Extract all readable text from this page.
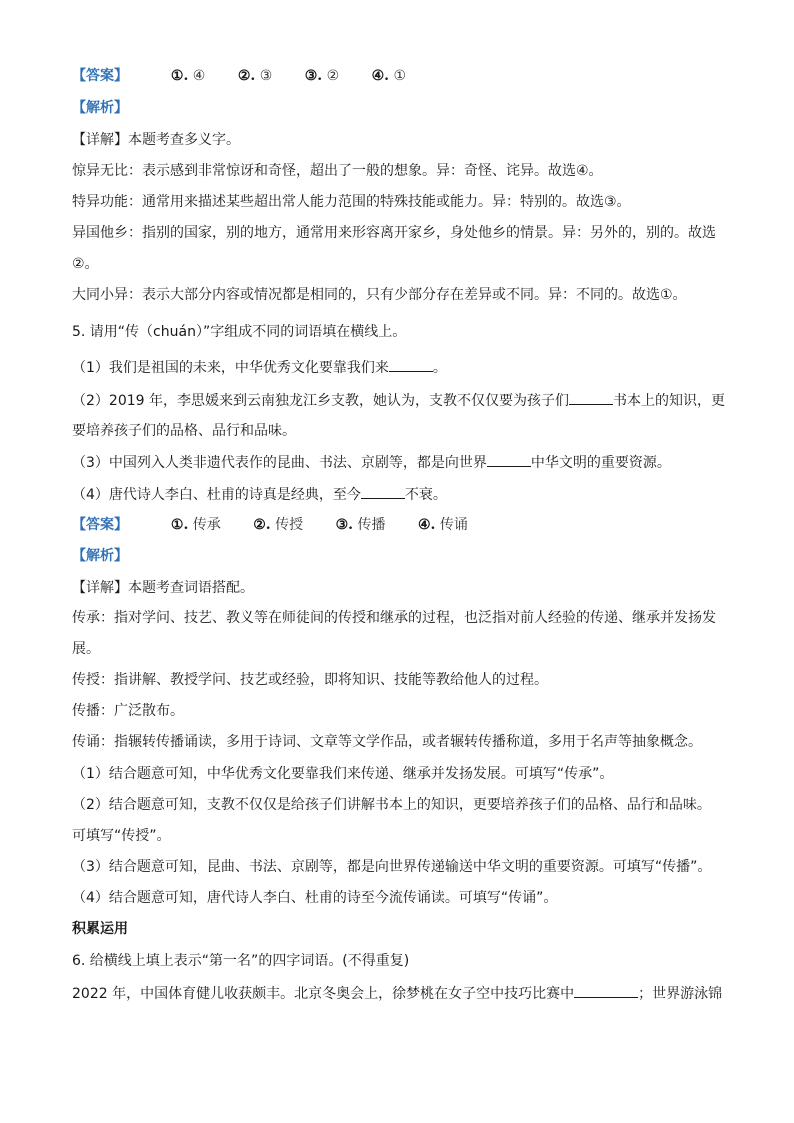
【答案】	①. ④ ②. ③ ③. ② ④. ①
【解析】
【详解】本题考查多义字。
惊异无比：表示感到非常惊讶和奇怪，超出了一般的想象。异：奇怪、诧异。故选④。
特异功能：通常用来描述某些超出常人能力范围的特殊技能或能力。异：特别的。故选③。
异国他乡：指别的国家，别的地方，通常用来形容离开家乡，身处他乡的情景。异：另外的，别的。故选
②。
大同小异：表示大部分内容或情况都是相同的，只有少部分存在差异或不同。异：不同的。故选①。
5. 请用“传（chuán）”字组成不同的词语填在横线上。
（1）我们是祖国的未来，中华优秀文化要靠我们来	。
（2）2019 年，李思媛来到云南独龙江乡支教，她认为，支教不仅仅要为孩子们	书本上的知识，更
要培养孩子们的品格、品行和品味。
（3）中国列入人类非遗代表作的昆曲、书法、京剧等，都是向世界	中华文明的重要资源。
（4）唐代诗人李白、杜甫的诗真是经典，至今	不衰。
【答案】	①. 传承 ②. 传授 ③. 传播 ④. 传诵
【解析】
【详解】本题考查词语搭配。
传承：指对学问、技艺、教义等在师徒间的传授和继承的过程，也泛指对前人经验的传递、继承并发扬发
展。
传授：指讲解、教授学问、技艺或经验，即将知识、技能等教给他人的过程。
传播：广泛散布。
传诵：指辗转传播诵读，多用于诗词、文章等文学作品，或者辗转传播称道，多用于名声等抽象概念。
（1）结合题意可知，中华优秀文化要靠我们来传递、继承并发扬发展。可填写“传承”。
（2）结合题意可知，支教不仅仅是给孩子们讲解书本上的知识，更要培养孩子们的品格、品行和品味。
可填写“传授”。
（3）结合题意可知，昆曲、书法、京剧等，都是向世界传递输送中华文明的重要资源。可填写“传播”。
（4）结合题意可知，唐代诗人李白、杜甫的诗至今流传诵读。可填写“传诵”。
积累运用
6. 给横线上填上表示“第一名”的四字词语。(不得重复)
2022 年，中国体育健儿收获颇丰。北京冬奥会上，徐梦桃在女子空中技巧比赛中	；世界游泳锦
